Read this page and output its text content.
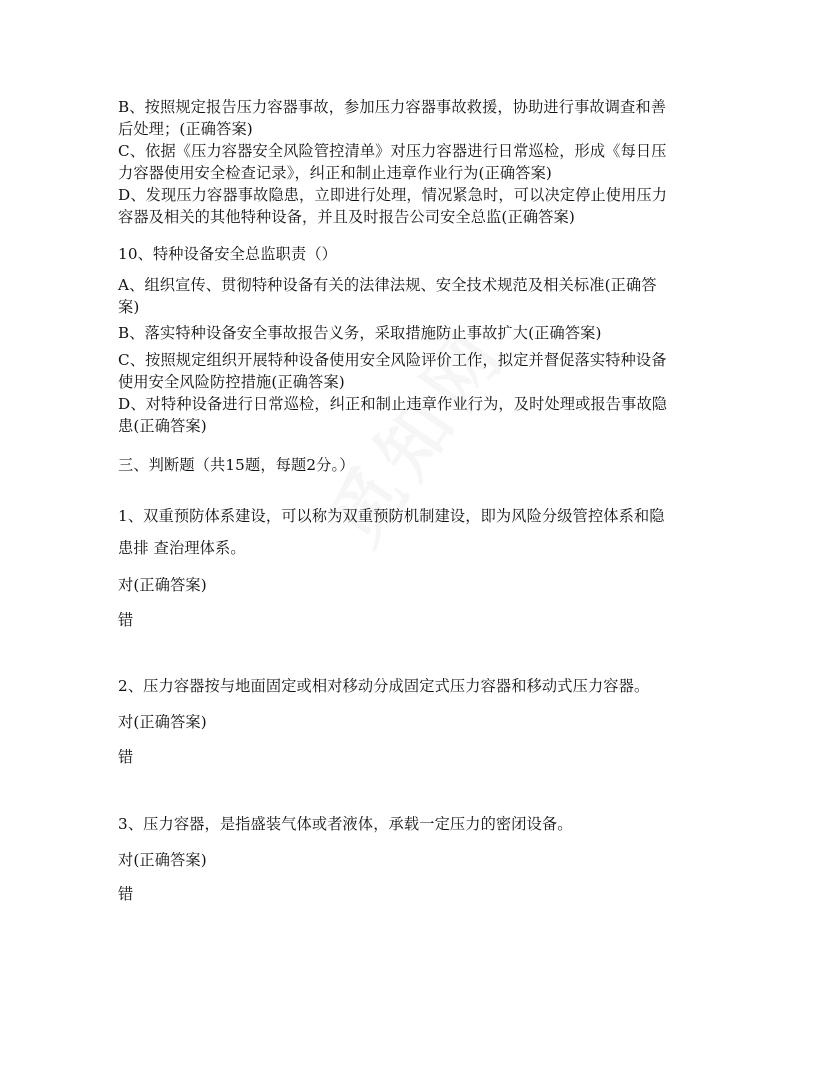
B、按照规定报告压力容器事故，参加压力容器事故救援，协助进行事故调查和善
后处理；(正确答案)
C、依据《压力容器安全风险管控清单》对压力容器进行日常巡检，形成《每日压
力容器使用安全检查记录》，纠正和制止违章作业行为(正确答案)
D、发现压力容器事故隐患，立即进行处理，情况紧急时，可以决定停止使用压力
容器及相关的其他特种设备，并且及时报告公司安全总监(正确答案)
10、特种设备安全总监职责（）
A、组织宣传、贯彻特种设备有关的法律法规、安全技术规范及相关标准(正确答
案)
B、落实特种设备安全事故报告义务，采取措施防止事故扩大(正确答案)
C、按照规定组织开展特种设备使用安全风险评价工作，拟定并督促落实特种设备
使用安全风险防控措施(正确答案)
D、对特种设备进行日常巡检，纠正和制止违章作业行为，及时处理或报告事故隐
患(正确答案)
三、判断题（共15题，每题2分。）
1、双重预防体系建设，可以称为双重预防机制建设，即为风险分级管控体系和隐
患排 查治理体系。
对(正确答案)
错
2、压力容器按与地面固定或相对移动分成固定式压力容器和移动式压力容器。
对(正确答案)
错
3、压力容器，是指盛装气体或者液体，承载一定压力的密闭设备。
对(正确答案)
错
